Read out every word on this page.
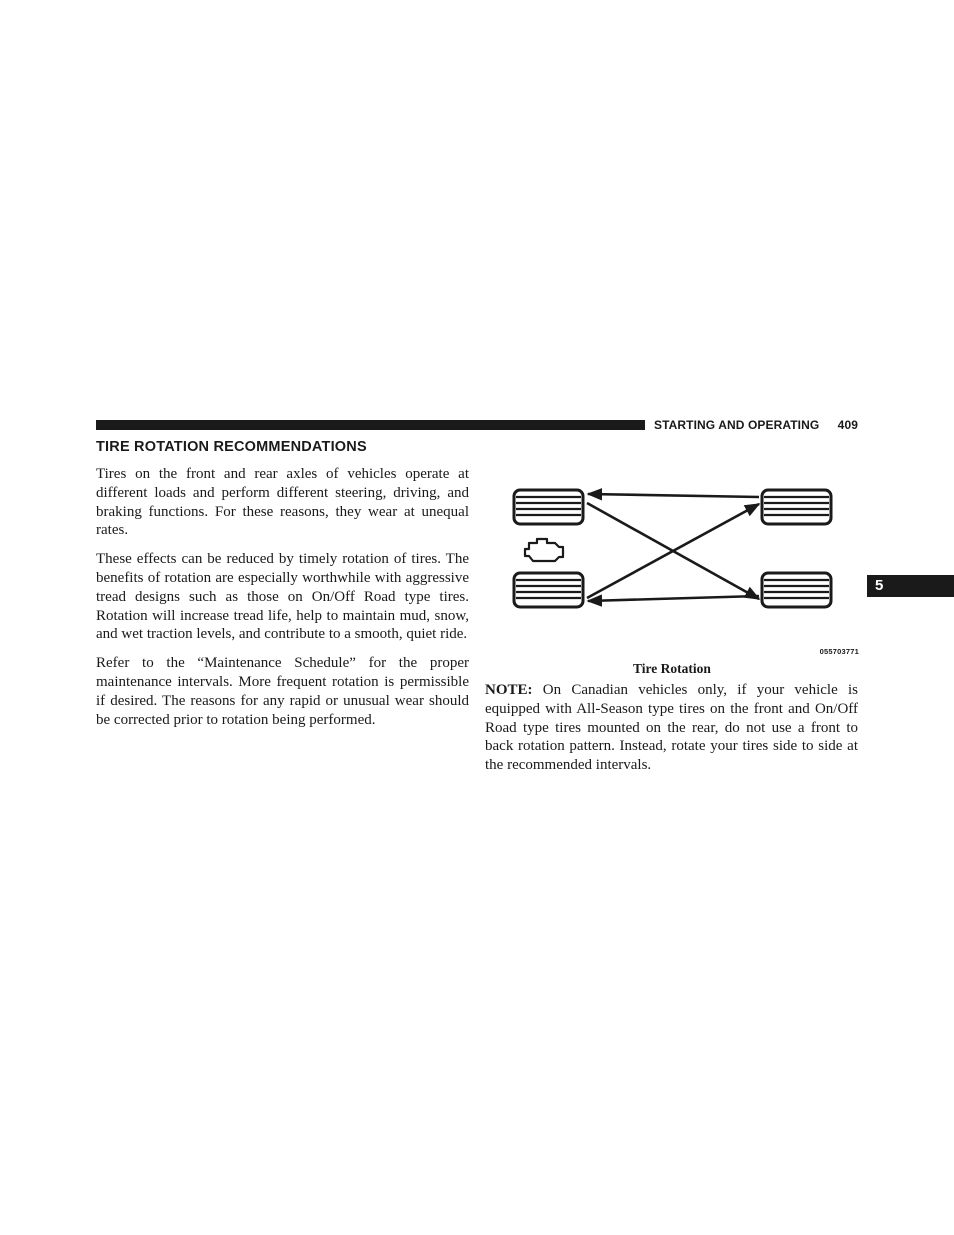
STARTING AND OPERATING 409
TIRE ROTATION RECOMMENDATIONS

Tires on the front and rear axles of vehicles operate at different loads and perform different steering, driving, and braking functions. For these reasons, they wear at unequal rates.

These effects can be reduced by timely rotation of tires. The benefits of rotation are especially worthwhile with aggressive tread designs such as those on On/Off Road type tires. Rotation will increase tread life, help to maintain mud, snow, and wet traction levels, and contribute to a smooth, quiet ride.

Refer to the “Maintenance Schedule” for the proper maintenance intervals. More frequent rotation is permissible if desired. The reasons for any rapid or unusual wear should be corrected prior to rotation being performed.

055703771
Tire Rotation

NOTE: On Canadian vehicles only, if your vehicle is equipped with All-Season type tires on the front and On/Off Road type tires mounted on the rear, do not use a front to back rotation pattern. Instead, rotate your tires side to side at the recommended intervals.

5
